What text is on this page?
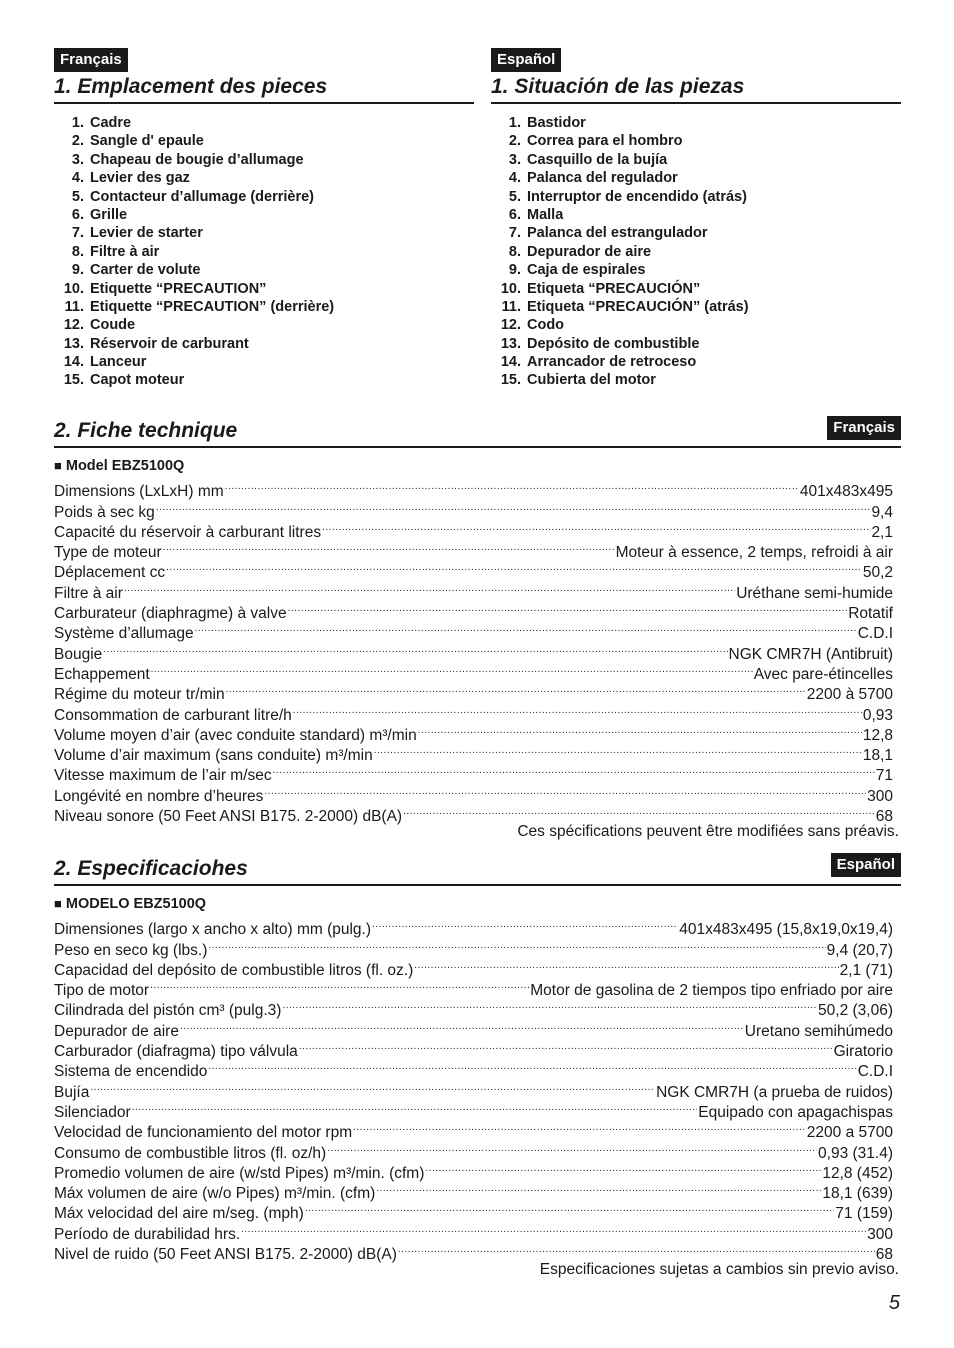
Français	Español
1. Emplacement des pieces	1. Situación de las piezas
1. Cadre
2. Sangle d' epaule
3. Chapeau de bougie d’allumage
4. Levier des gaz
5. Contacteur d’allumage (derrière)
6. Grille
7. Levier de starter
8. Filtre à air
9. Carter de volute
10. Etiquette “PRECAUTION”
11. Etiquette “PRECAUTION” (derrière)
12. Coude
13. Réservoir de carburant
14. Lanceur
15. Capot moteur
1. Bastidor
2. Correa para el hombro
3. Casquillo de la bujía
4. Palanca del regulador
5. Interruptor de encendido (atrás)
6. Malla
7. Palanca del estrangulador
8. Depurador de aire
9. Caja de espirales
10. Etiqueta “PRECAUCIÓN”
11. Etiqueta “PRECAUCIÓN” (atrás)
12. Codo
13. Depósito de combustible
14. Arrancador de retroceso
15. Cubierta del motor
2. Fiche technique	Français
■ Model EBZ5100Q
Dimensions (LxLxH) mm .....	401x483x495
Poids à sec kg .....	9,4
Capacité du réservoir à carburant litres .....	2,1
Type de moteur .....	Moteur à essence, 2 temps, refroidi à air
Déplacement cc .....	50,2
Filtre à air .....	Uréthane semi-humide
Carburateur (diaphragme) à valve .....	Rotatif
Système d’allumage .....	C.D.I
Bougie .....	NGK CMR7H (Antibruit)
Echappement .....	Avec pare-étincelles
Régime du moteur tr/min .....	2200 à 5700
Consommation de carburant litre/h .....	0,93
Volume moyen d’air (avec conduite standard) m³/min .....	12,8
Volume d’air maximum (sans conduite) m³/min .....	18,1
Vitesse maximum de l’air m/sec .....	71
Longévité en nombre d’heures .....	300
Niveau sonore (50 Feet ANSI B175. 2-2000) dB(A) .....	68
Ces spécifications peuvent être modifiées sans préavis.
2. Especificaciohes	Español
■ MODELO EBZ5100Q
Dimensiones (largo x ancho x alto) mm (pulg.) .....	401x483x495 (15,8x19,0x19,4)
Peso en seco kg (lbs.) .....	9,4 (20,7)
Capacidad del depósito de combustible litros (fl. oz.) .....	2,1 (71)
Tipo de motor .....	Motor de gasolina de 2 tiempos tipo enfriado por aire
Cilindrada del pistón cm³ (pulg.3) .....	50,2 (3,06)
Depurador de aire .....	Uretano semihúmedo
Carburador (diafragma) tipo válvula .....	Giratorio
Sistema de encendido .....	C.D.I
Bujía .....	NGK CMR7H (a prueba de ruidos)
Silenciador .....	Equipado con apagachispas
Velocidad de funcionamiento del motor rpm .....	2200 a 5700
Consumo de combustible litros (fl. oz/h) .....	0,93 (31.4)
Promedio volumen de aire (w/std Pipes) m³/min. (cfm) .....	12,8 (452)
Máx volumen de aire (w/o Pipes) m³/min. (cfm) .....	18,1 (639)
Máx velocidad del aire m/seg. (mph) .....	71 (159)
Período de durabilidad hrs. .....	300
Nivel de ruido (50 Feet ANSI B175. 2-2000) dB(A) .....	68
Especificaciones sujetas a cambios sin previo aviso.
5
